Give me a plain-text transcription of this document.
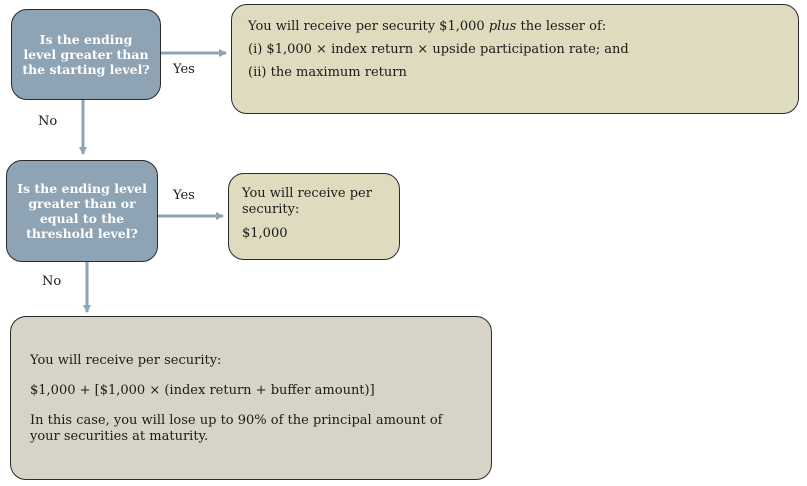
Is the ending level greater than the starting level?

You will receive per security $1,000 plus the lesser of:

(i) $1,000 × index return × upside participation rate; and

(ii) the maximum return

Yes
No
Is the ending level greater than or equal to the threshold level?
Yes	You will receive per security:

$1,000

No

You will receive per security:

$1,000 + [$1,000 × (index return + buffer amount)]

In this case, you will lose up to 90% of the principal amount of your securities at maturity.
